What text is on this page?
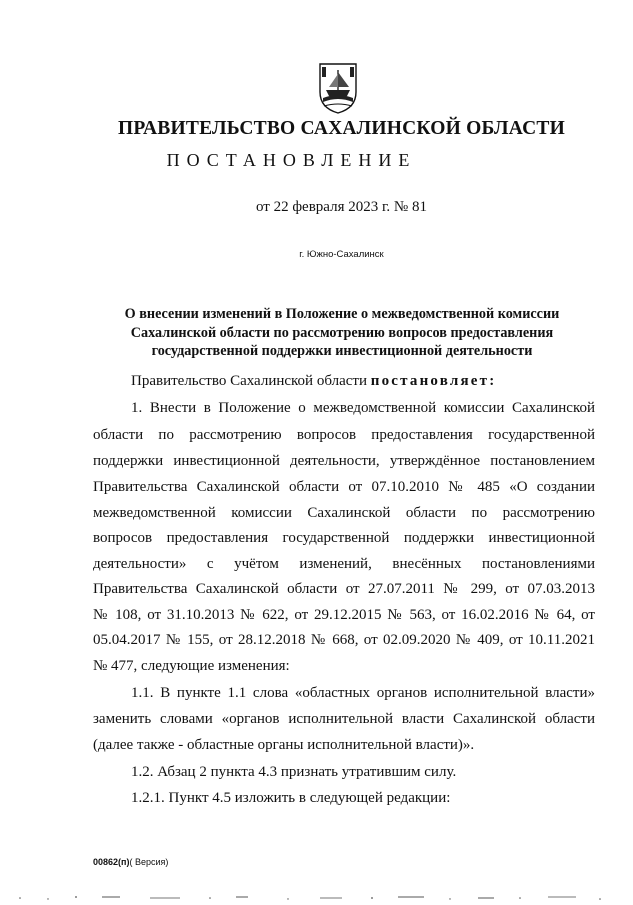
ПРАВИТЕЛЬСТВО САХАЛИНСКОЙ ОБЛАСТИ
ПОСТАНОВЛЕНИЕ
от 22 февраля 2023 г. № 81
г. Южно-Сахалинск
О внесении изменений в Положение о межведомственной комиссии
Сахалинской области по рассмотрению вопросов предоставления
государственной поддержки инвестиционной деятельности
Правительство Сахалинской области постановляет:
1. Внести в Положение о межведомственной комиссии Сахалинской
области по рассмотрению вопросов предоставления государственной
поддержки инвестиционной деятельности, утверждённое постановлением
Правительства Сахалинской области от 07.10.2010 № 485 «О создании
межведомственной комиссии Сахалинской области по рассмотрению
вопросов предоставления государственной поддержки инвестиционной
деятельности» с учётом изменений, внесённых постановлениями
Правительства Сахалинской области от 27.07.2011 № 299, от 07.03.2013
№ 108, от 31.10.2013 № 622, от 29.12.2015 № 563, от 16.02.2016 № 64, от
05.04.2017 № 155, от 28.12.2018 № 668, от 02.09.2020 № 409, от 10.11.2021
№ 477, следующие изменения:
1.1. В пункте 1.1 слова «областных органов исполнительной власти»
заменить словами «органов исполнительной власти Сахалинской области
(далее также - областные органы исполнительной власти)».
1.2. Абзац 2 пункта 4.3 признать утратившим силу.
1.2.1. Пункт 4.5 изложить в следующей редакции:
00862(п)( Версия)
